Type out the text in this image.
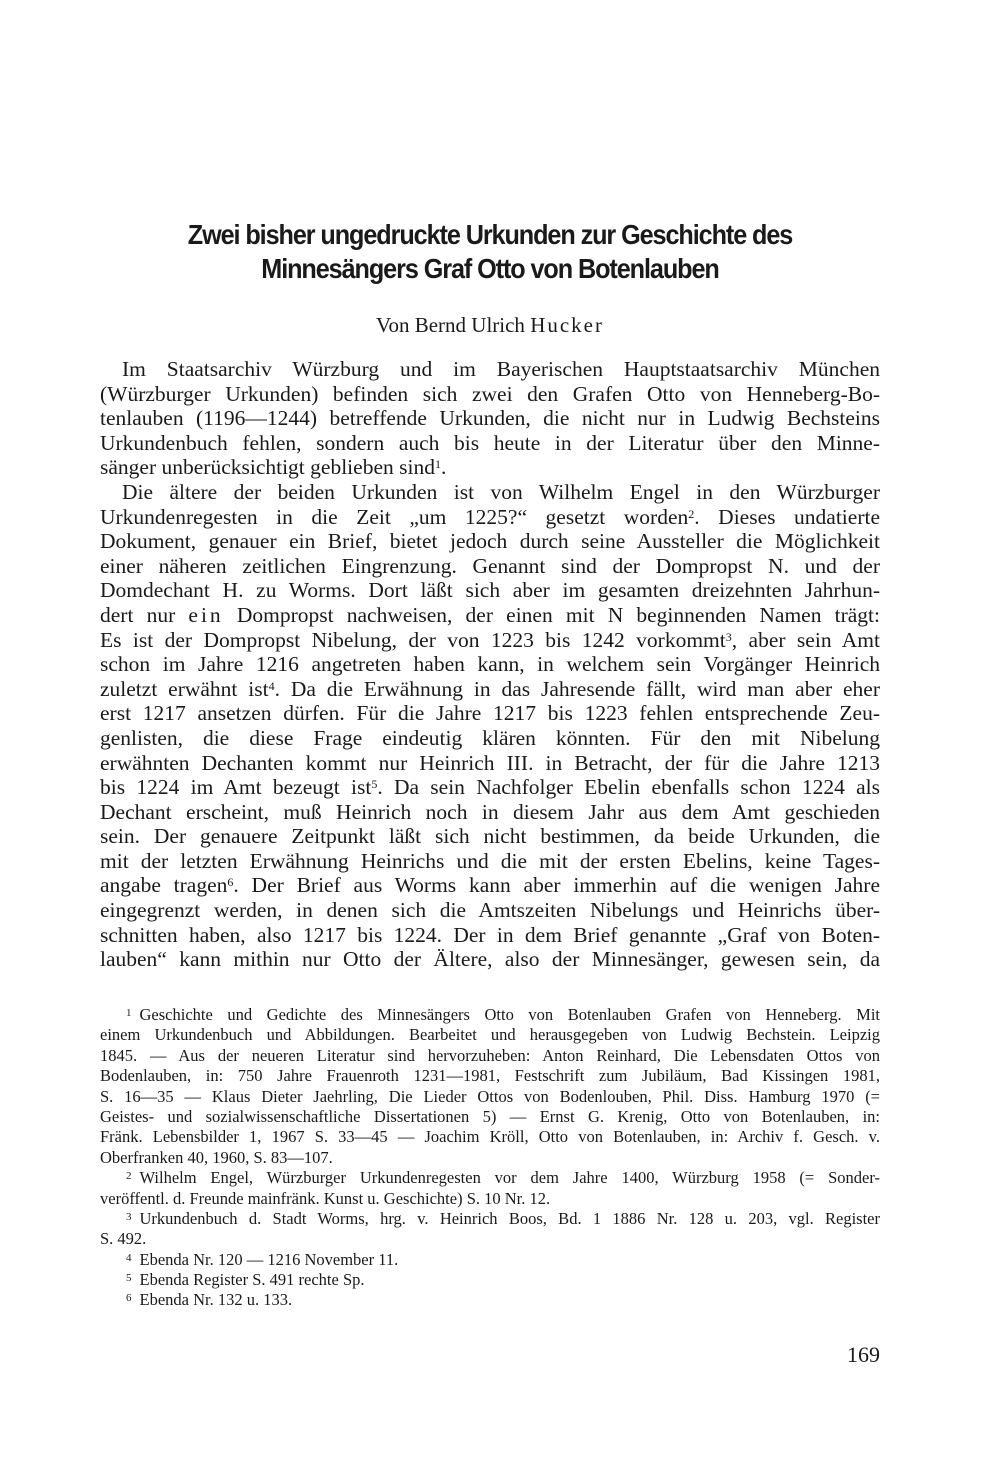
Zwei bisher ungedruckte Urkunden zur Geschichte des
Minnesängers Graf Otto von Botenlauben
Von Bernd Ulrich Hucker
Im Staatsarchiv Würzburg und im Bayerischen Hauptstaatsarchiv München
(Würzburger Urkunden) befinden sich zwei den Grafen Otto von Henneberg-Bo-
tenlauben (1196—1244) betreffende Urkunden, die nicht nur in Ludwig Bechsteins
Urkundenbuch fehlen, sondern auch bis heute in der Literatur über den Minne-
sänger unberücksichtigt geblieben sind$^1$.
Die ältere der beiden Urkunden ist von Wilhelm Engel in den Würzburger
Urkundenregesten in die Zeit „um 1225?“ gesetzt worden$^2$. Dieses undatierte
Dokument, genauer ein Brief, bietet jedoch durch seine Aussteller die Möglichkeit
einer näheren zeitlichen Eingrenzung. Genannt sind der Dompropst N. und der
Domdechant H. zu Worms. Dort läßt sich aber im gesamten dreizehnten Jahrhun-
dert nur ein Dompropst nachweisen, der einen mit N beginnenden Namen trägt:
Es ist der Dompropst Nibelung, der von 1223 bis 1242 vorkommt$^3$, aber sein Amt
schon im Jahre 1216 angetreten haben kann, in welchem sein Vorgänger Heinrich
zuletzt erwähnt ist$^4$. Da die Erwähnung in das Jahresende fällt, wird man aber eher
erst 1217 ansetzen dürfen. Für die Jahre 1217 bis 1223 fehlen entsprechende Zeu-
genlisten, die diese Frage eindeutig klären könnten. Für den mit Nibelung
erwähnten Dechanten kommt nur Heinrich III. in Betracht, der für die Jahre 1213
bis 1224 im Amt bezeugt ist$^5$. Da sein Nachfolger Ebelin ebenfalls schon 1224 als
Dechant erscheint, muß Heinrich noch in diesem Jahr aus dem Amt geschieden
sein. Der genauere Zeitpunkt läßt sich nicht bestimmen, da beide Urkunden, die
mit der letzten Erwähnung Heinrichs und die mit der ersten Ebelins, keine Tages-
angabe tragen$^6$. Der Brief aus Worms kann aber immerhin auf die wenigen Jahre
eingegrenzt werden, in denen sich die Amtszeiten Nibelungs und Heinrichs über-
schnitten haben, also 1217 bis 1224. Der in dem Brief genannte „Graf von Boten-
lauben“ kann mithin nur Otto der Ältere, also der Minnesänger, gewesen sein, da
$^1$ Geschichte und Gedichte des Minnesängers Otto von Botenlauben Grafen von Henneberg. Mit
einem Urkundenbuch und Abbildungen. Bearbeitet und herausgegeben von Ludwig Bechstein. Leipzig
1845. — Aus der neueren Literatur sind hervorzuheben: Anton Reinhard, Die Lebensdaten Ottos von
Bodenlauben, in: 750 Jahre Frauenroth 1231—1981, Festschrift zum Jubiläum, Bad Kissingen 1981,
S. 16—35 — Klaus Dieter Jaehrling, Die Lieder Ottos von Bodenlouben, Phil. Diss. Hamburg 1970 (=
Geistes- und sozialwissenschaftliche Dissertationen 5) — Ernst G. Krenig, Otto von Botenlauben, in:
Fränk. Lebensbilder 1, 1967 S. 33—45 — Joachim Kröll, Otto von Botenlauben, in: Archiv f. Gesch. v.
Oberfranken 40, 1960, S. 83—107.
$^2$ Wilhelm Engel, Würzburger Urkundenregesten vor dem Jahre 1400, Würzburg 1958 (= Sonder-
veröffentl. d. Freunde mainfränk. Kunst u. Geschichte) S. 10 Nr. 12.
$^3$ Urkundenbuch d. Stadt Worms, hrg. v. Heinrich Boos, Bd. 1 1886 Nr. 128 u. 203, vgl. Register
S. 492.
$^4$ Ebenda Nr. 120 — 1216 November 11.
$^5$ Ebenda Register S. 491 rechte Sp.
$^6$ Ebenda Nr. 132 u. 133.
169
